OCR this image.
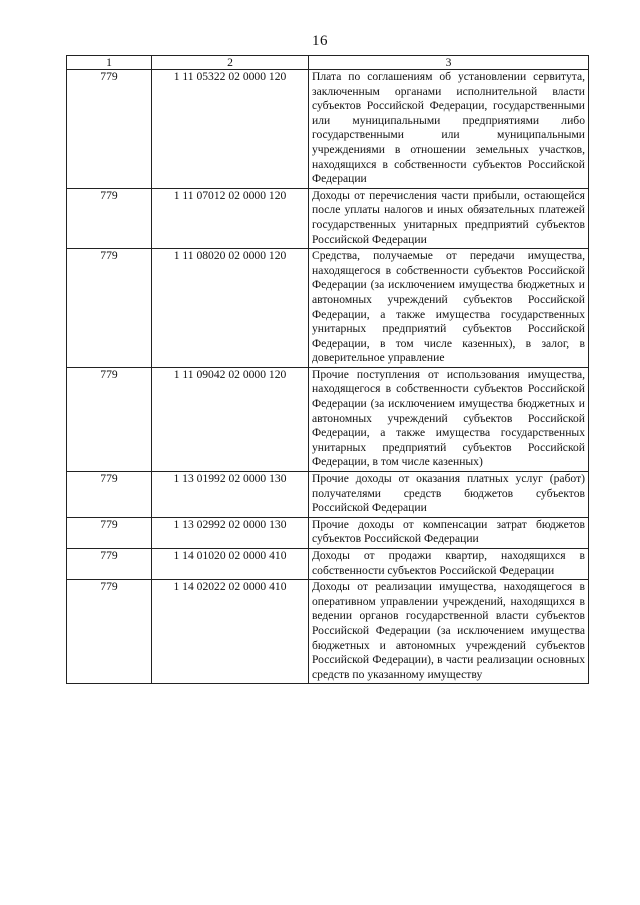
16
1	2	3
779	1 11 05322 02 0000 120	Плата по соглашениям об установлении сервитута, заключенным органами исполнительной власти субъектов Российской Федерации, государственными или муниципальными предприятиями либо государственными или муниципальными учреждениями в отношении земельных участков, находящихся в собственности субъектов Российской Федерации
779	1 11 07012 02 0000 120	Доходы от перечисления части прибыли, остающейся после уплаты налогов и иных обязательных платежей государственных унитарных предприятий субъектов Российской Федерации
779	1 11 08020 02 0000 120	Средства, получаемые от передачи имущества, находящегося в собственности субъектов Российской Федерации (за исключением имущества бюджетных и автономных учреждений субъектов Российской Федерации, а также имущества государственных унитарных предприятий субъектов Российской Федерации, в том числе казенных), в залог, в доверительное управление
779	1 11 09042 02 0000 120	Прочие поступления от использования имущества, находящегося в собственности субъектов Российской Федерации (за исключением имущества бюджетных и автономных учреждений субъектов Российской Федерации, а также имущества государственных унитарных предприятий субъектов Российской Федерации, в том числе казенных)
779	1 13 01992 02 0000 130	Прочие доходы от оказания платных услуг (работ) получателями средств бюджетов субъектов Российской Федерации
779	1 13 02992 02 0000 130	Прочие доходы от компенсации затрат бюджетов субъектов Российской Федерации
779	1 14 01020 02 0000 410	Доходы от продажи квартир, находящихся в собственности субъектов Российской Федерации
779	1 14 02022 02 0000 410	Доходы от реализации имущества, находящегося в оперативном управлении учреждений, находящихся в ведении органов государственной власти субъектов Российской Федерации (за исключением имущества бюджетных и автономных учреждений субъектов Российской Федерации), в части реализации основных средств по указанному имуществу
